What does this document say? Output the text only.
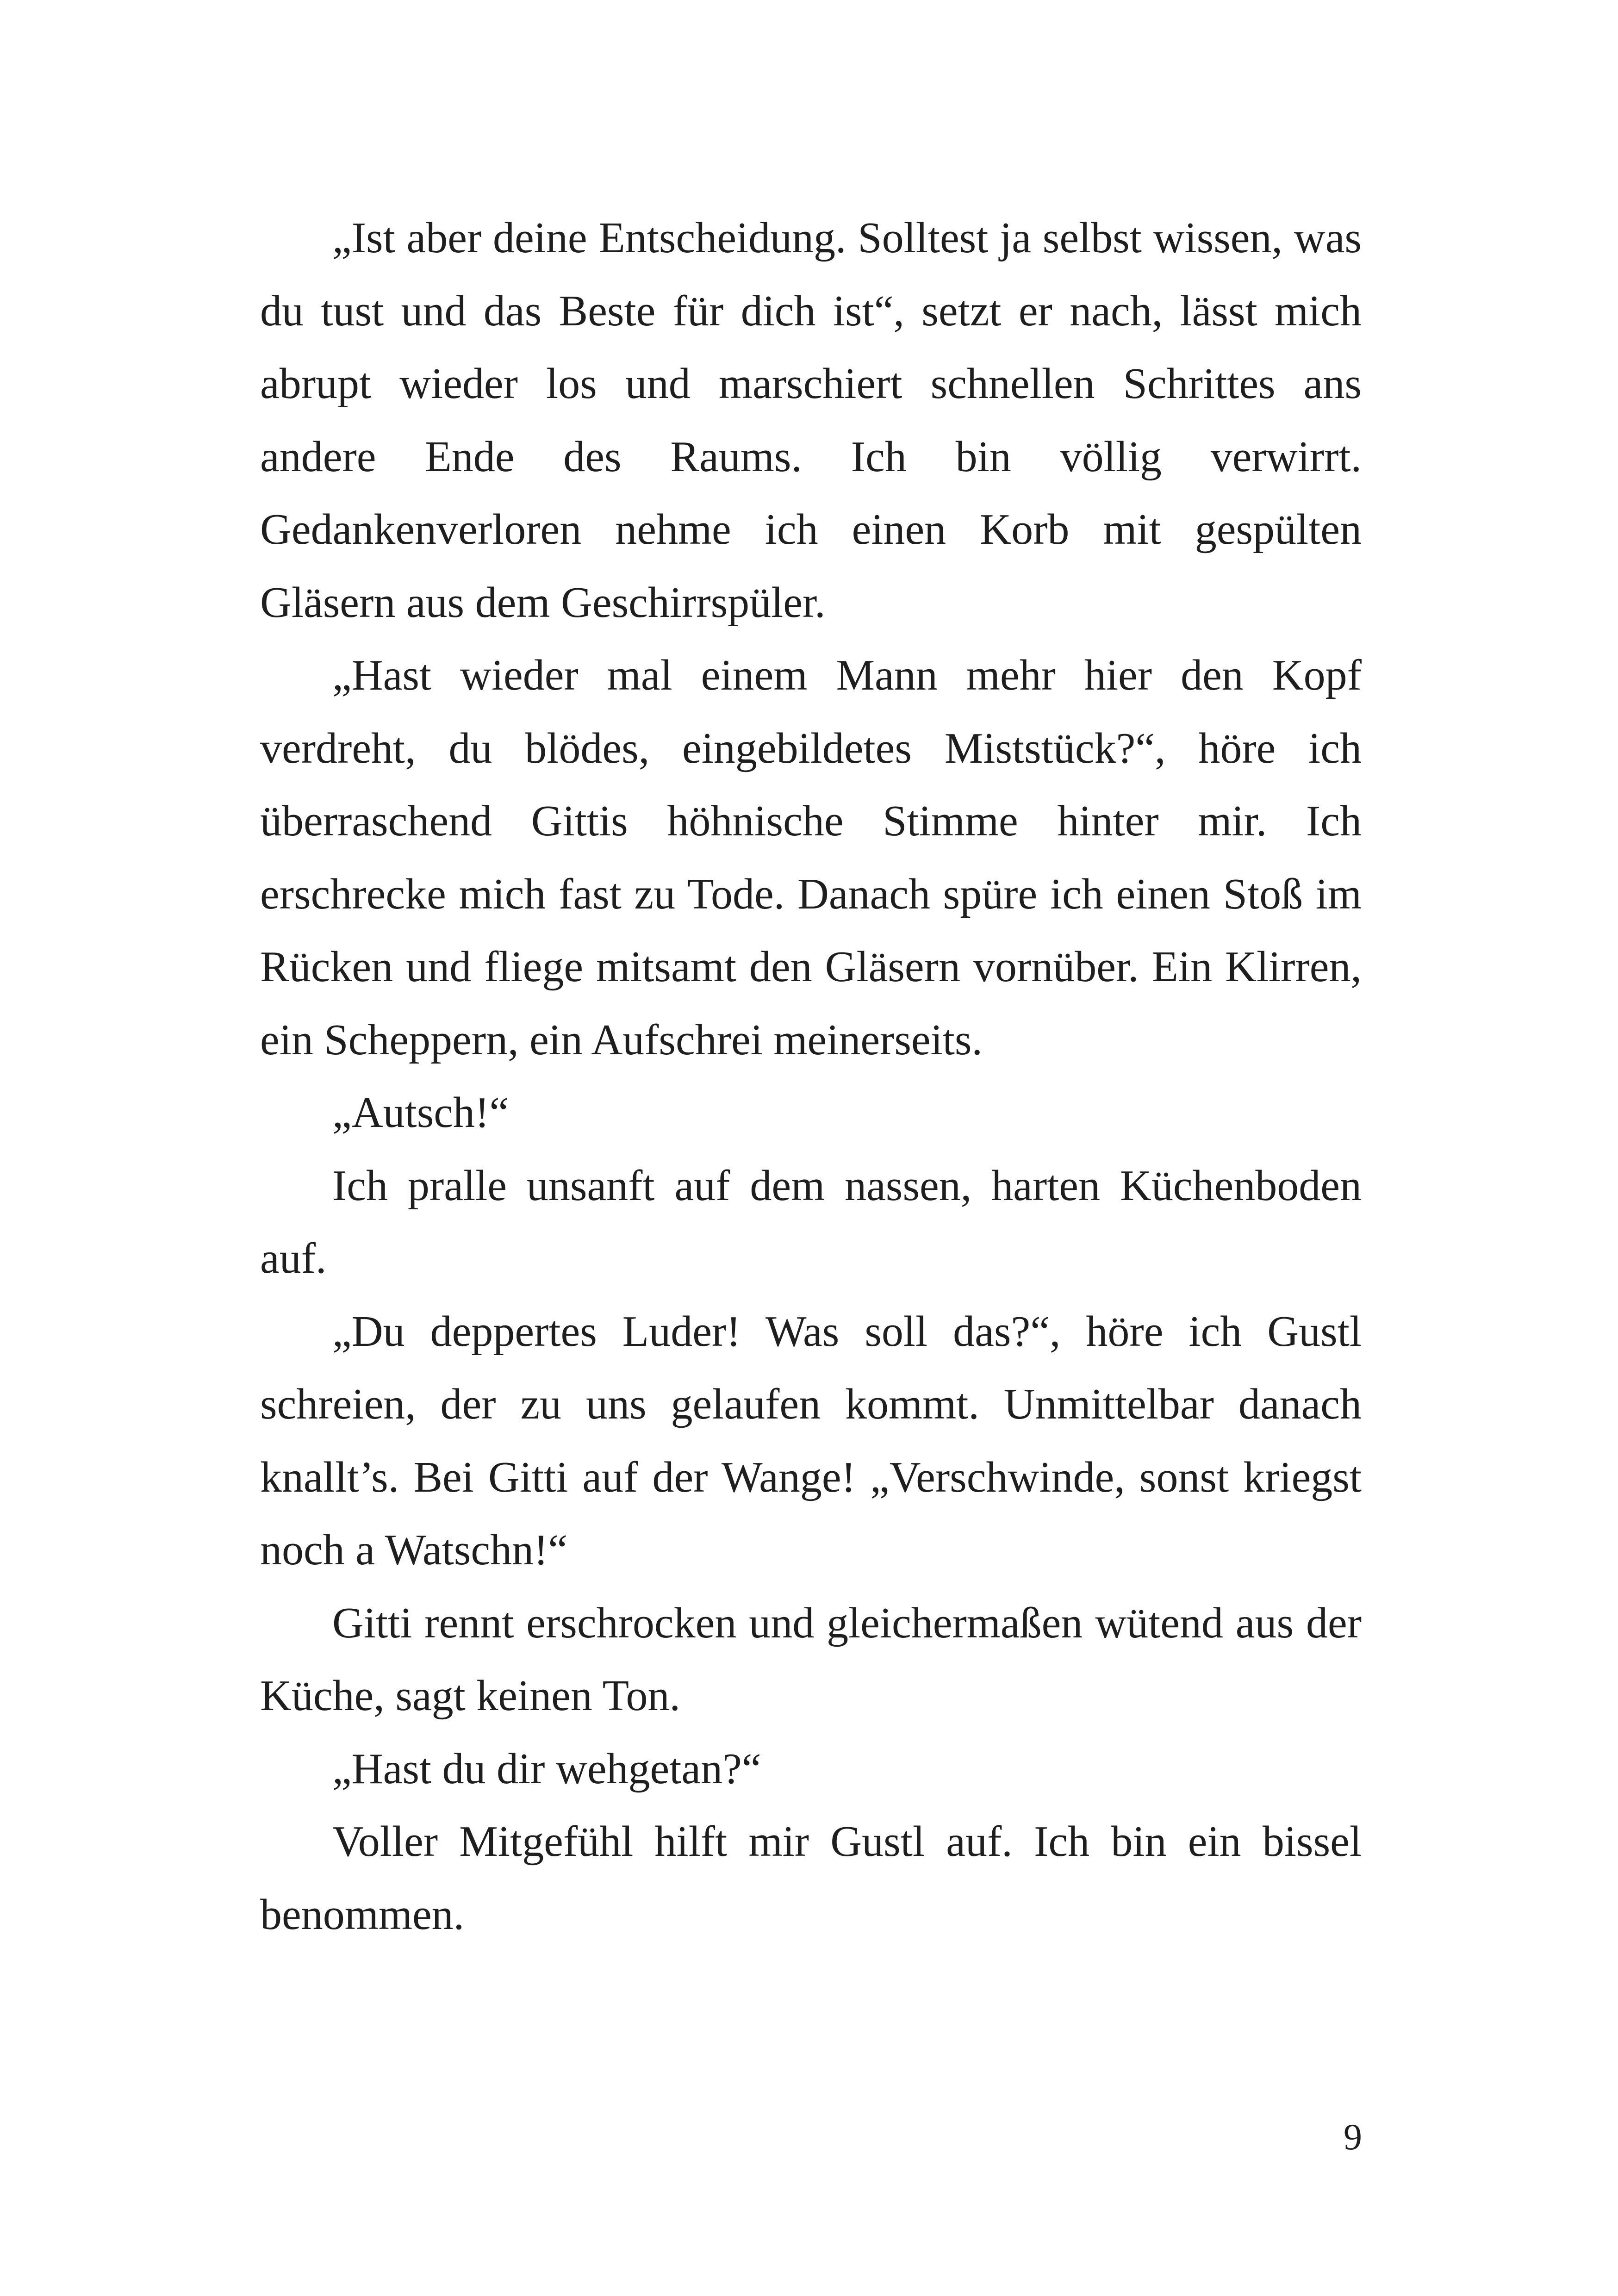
„Ist aber deine Entscheidung. Solltest ja selbst wissen, was du tust und das Beste für dich ist“, setzt er nach, lässt mich abrupt wieder los und marschiert schnellen Schrittes ans andere Ende des Raums. Ich bin völlig verwirrt. Gedankenverloren nehme ich einen Korb mit gespülten Gläsern aus dem Geschirrspüler.

„Hast wieder mal einem Mann mehr hier den Kopf verdreht, du blödes, eingebildetes Miststück?“, höre ich überraschend Gittis höhnische Stimme hinter mir. Ich erschrecke mich fast zu Tode. Danach spüre ich einen Stoß im Rücken und fliege mitsamt den Gläsern vornüber. Ein Klirren, ein Scheppern, ein Aufschrei meinerseits.

„Autsch!“

Ich pralle unsanft auf dem nassen, harten Küchenboden auf.

„Du deppertes Luder! Was soll das?“, höre ich Gustl schreien, der zu uns gelaufen kommt. Unmittelbar danach knallt’s. Bei Gitti auf der Wange! „Verschwinde, sonst kriegst noch a Watschn!“

Gitti rennt erschrocken und gleichermaßen wütend aus der Küche, sagt keinen Ton.

„Hast du dir wehgetan?“

Voller Mitgefühl hilft mir Gustl auf. Ich bin ein bissel benommen.

9
